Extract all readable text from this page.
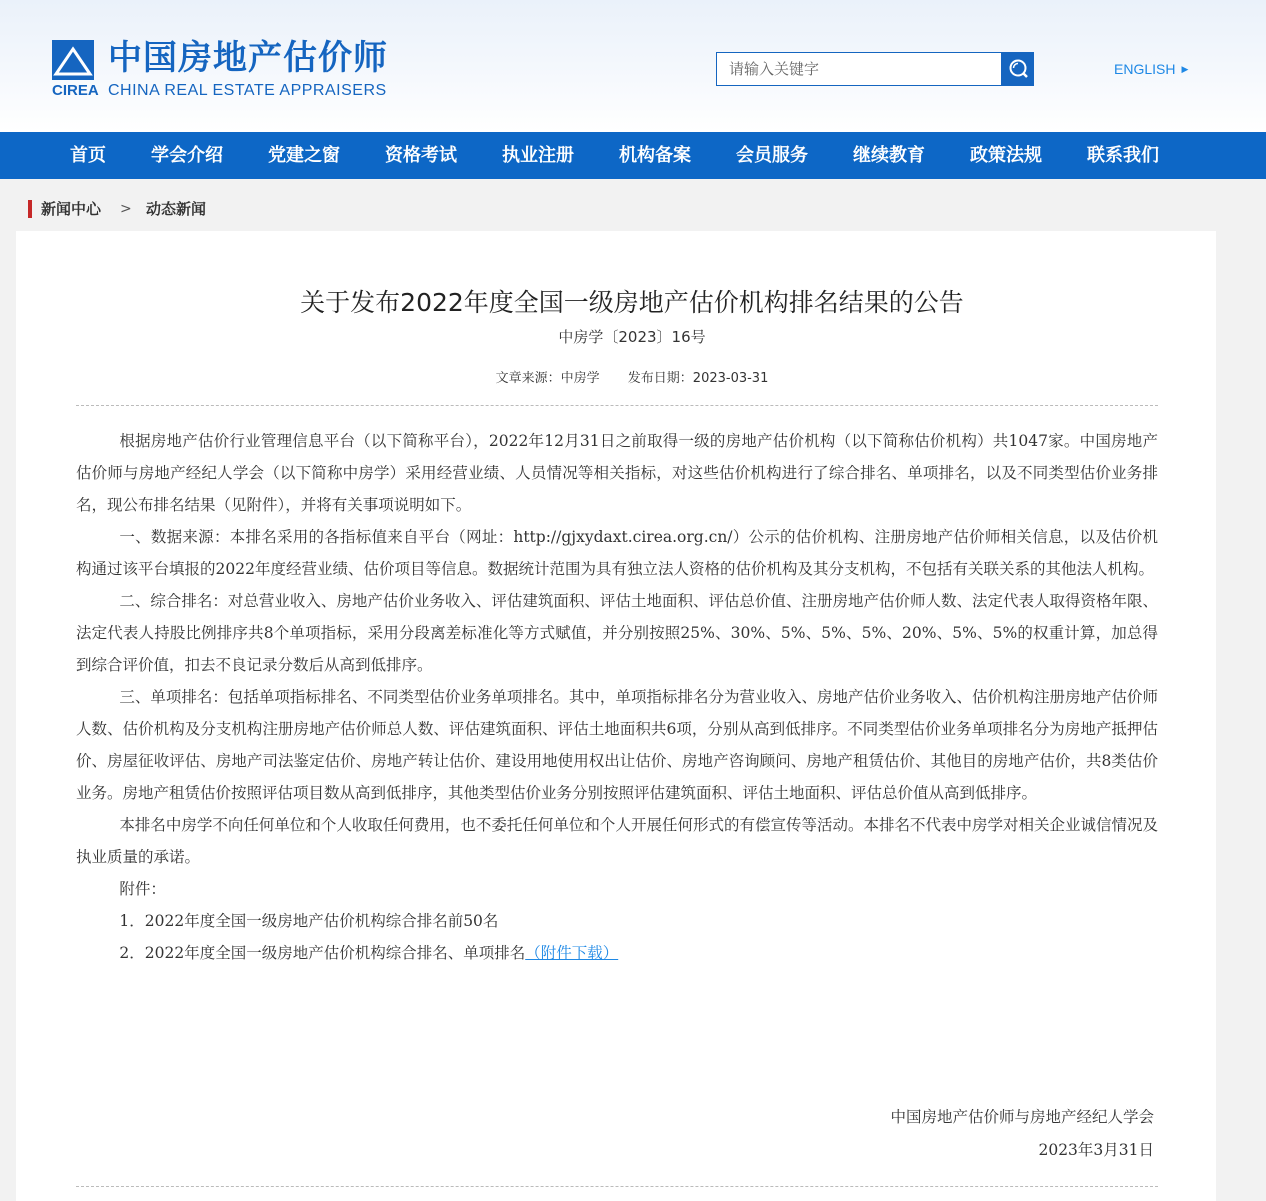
中国房地产估价师
CIREA CHINA REAL ESTATE APPRAISERS
请输入关键字
ENGLISH ▶
首页	学会介绍	党建之窗	资格考试	执业注册	机构备案	会员服务	继续教育	政策法规	联系我们
新闻中心 > 动态新闻
关于发布2022年度全国一级房地产估价机构排名结果的公告
中房学〔2023〕16号
文章来源：中房学 发布日期：2023-03-31

根据房地产估价行业管理信息平台（以下简称平台），2022年12月31日之前取得一级的房地产估价机构（以下简称估价机构）共1047家。中国房地产估价师与房地产经纪人学会（以下简称中房学）采用经营业绩、人员情况等相关指标，对这些估价机构进行了综合排名、单项排名，以及不同类型估价业务排名，现公布排名结果（见附件），并将有关事项说明如下。

一、数据来源：本排名采用的各指标值来自平台（网址：http://gjxydaxt.cirea.org.cn/）公示的估价机构、注册房地产估价师相关信息，以及估价机构通过该平台填报的2022年度经营业绩、估价项目等信息。数据统计范围为具有独立法人资格的估价机构及其分支机构，不包括有关联关系的其他法人机构。

二、综合排名：对总营业收入、房地产估价业务收入、评估建筑面积、评估土地面积、评估总价值、注册房地产估价师人数、法定代表人取得资格年限、法定代表人持股比例排序共8个单项指标，采用分段离差标准化等方式赋值，并分别按照25%、30%、5%、5%、5%、20%、5%、5%的权重计算，加总得到综合评价值，扣去不良记录分数后从高到低排序。

三、单项排名：包括单项指标排名、不同类型估价业务单项排名。其中，单项指标排名分为营业收入、房地产估价业务收入、估价机构注册房地产估价师人数、估价机构及分支机构注册房地产估价师总人数、评估建筑面积、评估土地面积共6项，分别从高到低排序。不同类型估价业务单项排名分为房地产抵押估价、房屋征收评估、房地产司法鉴定估价、房地产转让估价、建设用地使用权出让估价、房地产咨询顾问、房地产租赁估价、其他目的房地产估价，共8类估价业务。房地产租赁估价按照评估项目数从高到低排序，其他类型估价业务分别按照评估建筑面积、评估土地面积、评估总价值从高到低排序。

本排名中房学不向任何单位和个人收取任何费用，也不委托任何单位和个人开展任何形式的有偿宣传等活动。本排名不代表中房学对相关企业诚信情况及执业质量的承诺。

附件：

1．2022年度全国一级房地产估价机构综合排名前50名

2．2022年度全国一级房地产估价机构综合排名、单项排名（附件下载）

中国房地产估价师与房地产经纪人学会
2023年3月31日
